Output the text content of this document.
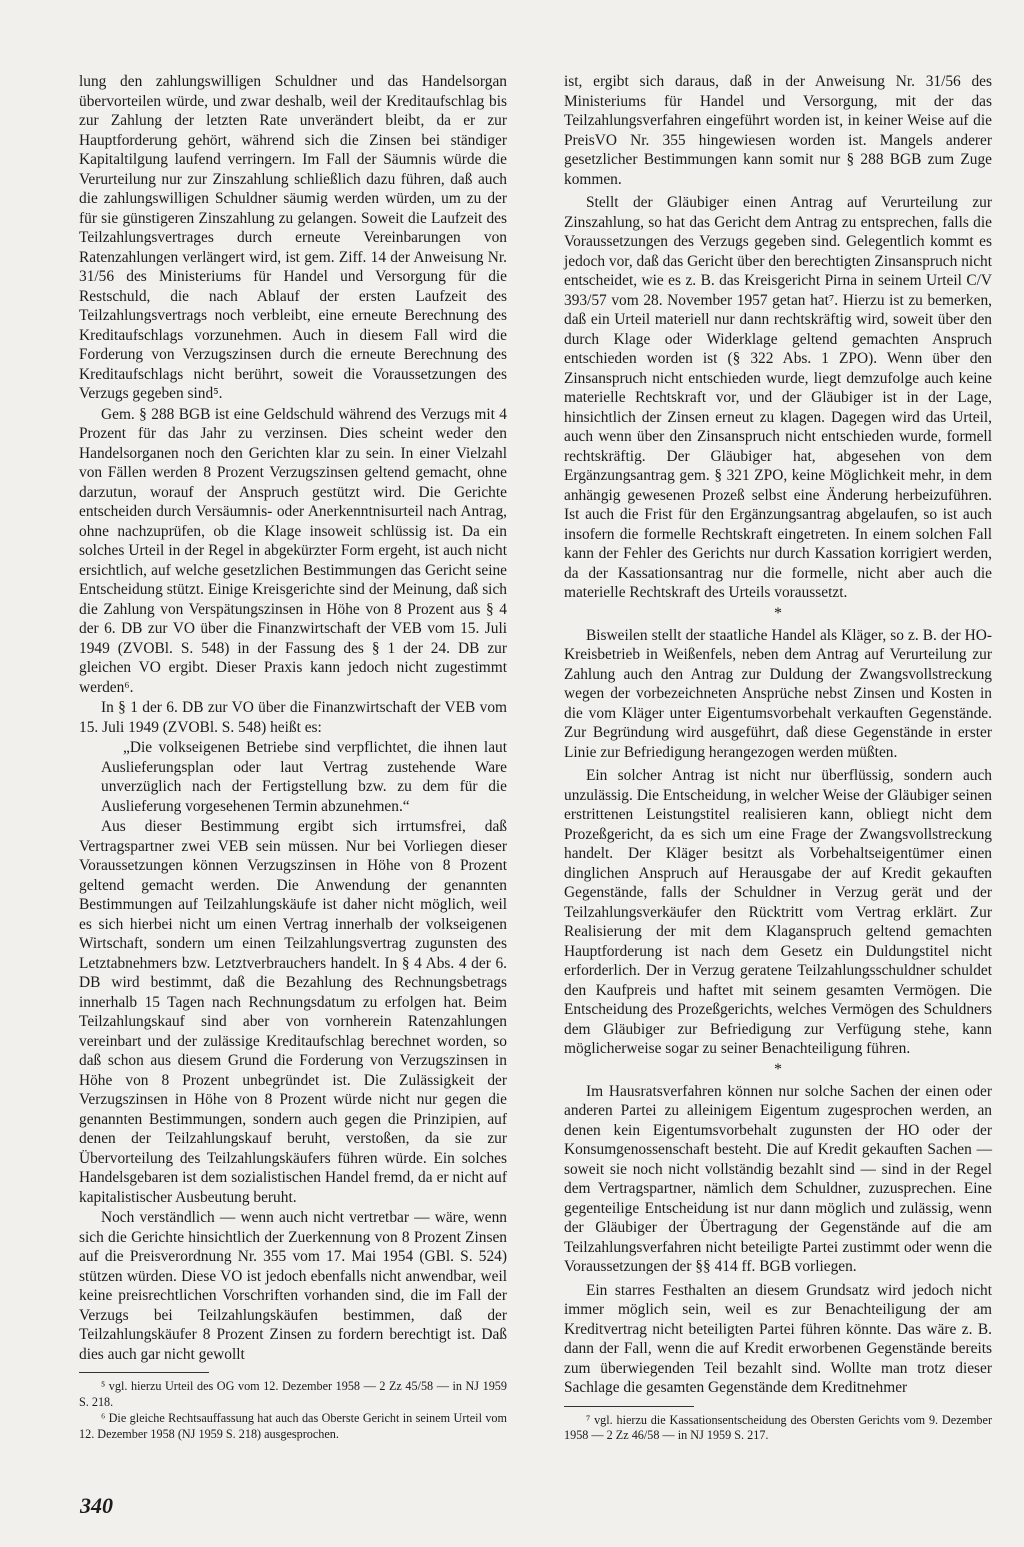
lung den zahlungswilligen Schuldner und das Handelsorgan übervorteilen würde, und zwar deshalb, weil der Kreditaufschlag bis zur Zahlung der letzten Rate unverändert bleibt, da er zur Hauptforderung gehört, während sich die Zinsen bei ständiger Kapitaltilgung laufend verringern. Im Fall der Säumnis würde die Verurteilung nur zur Zinszahlung schließlich dazu führen, daß auch die zahlungswilligen Schuldner säumig werden würden, um zu der für sie günstigeren Zinszahlung zu gelangen. Soweit die Laufzeit des Teilzahlungsvertrages durch erneute Vereinbarungen von Ratenzahlungen verlängert wird, ist gem. Ziff. 14 der Anweisung Nr. 31/56 des Ministeriums für Handel und Versorgung für die Restschuld, die nach Ablauf der ersten Laufzeit des Teilzahlungsvertrags noch verbleibt, eine erneute Berechnung des Kreditaufschlags vorzunehmen. Auch in diesem Fall wird die Forderung von Verzugszinsen durch die erneute Berechnung des Kreditaufschlags nicht berührt, soweit die Voraussetzungen des Verzugs gegeben sind⁵.

Gem. § 288 BGB ist eine Geldschuld während des Verzugs mit 4 Prozent für das Jahr zu verzinsen. Dies scheint weder den Handelsorganen noch den Gerichten klar zu sein. In einer Vielzahl von Fällen werden 8 Prozent Verzugszinsen geltend gemacht, ohne darzutun, worauf der Anspruch gestützt wird. Die Gerichte entscheiden durch Versäumnis- oder Anerkenntnisurteil nach Antrag, ohne nachzuprüfen, ob die Klage insoweit schlüssig ist. Da ein solches Urteil in der Regel in abgekürzter Form ergeht, ist auch nicht ersichtlich, auf welche gesetzlichen Bestimmungen das Gericht seine Entscheidung stützt. Einige Kreisgerichte sind der Meinung, daß sich die Zahlung von Verspätungszinsen in Höhe von 8 Prozent aus § 4 der 6. DB zur VO über die Finanzwirtschaft der VEB vom 15. Juli 1949 (ZVOBl. S. 548) in der Fassung des § 1 der 24. DB zur gleichen VO ergibt. Dieser Praxis kann jedoch nicht zugestimmt werden⁶.

In § 1 der 6. DB zur VO über die Finanzwirtschaft der VEB vom 15. Juli 1949 (ZVOBl. S. 548) heißt es:

„Die volkseigenen Betriebe sind verpflichtet, die ihnen laut Auslieferungsplan oder laut Vertrag zustehende Ware unverzüglich nach der Fertigstellung bzw. zu dem für die Auslieferung vorgesehenen Termin abzunehmen.“

Aus dieser Bestimmung ergibt sich irrtumsfrei, daß Vertragspartner zwei VEB sein müssen. Nur bei Vorliegen dieser Voraussetzungen können Verzugszinsen in Höhe von 8 Prozent geltend gemacht werden. Die Anwendung der genannten Bestimmungen auf Teilzahlungskäufe ist daher nicht möglich, weil es sich hierbei nicht um einen Vertrag innerhalb der volkseigenen Wirtschaft, sondern um einen Teilzahlungsvertrag zugunsten des Letztabnehmers bzw. Letztverbrauchers handelt. In § 4 Abs. 4 der 6. DB wird bestimmt, daß die Bezahlung des Rechnungsbetrags innerhalb 15 Tagen nach Rechnungsdatum zu erfolgen hat. Beim Teilzahlungskauf sind aber von vornherein Ratenzahlungen vereinbart und der zulässige Kreditaufschlag berechnet worden, so daß schon aus diesem Grund die Forderung von Verzugszinsen in Höhe von 8 Prozent unbegründet ist. Die Zulässigkeit der Verzugszinsen in Höhe von 8 Prozent würde nicht nur gegen die genannten Bestimmungen, sondern auch gegen die Prinzipien, auf denen der Teilzahlungskauf beruht, verstoßen, da sie zur Übervorteilung des Teilzahlungskäufers führen würde. Ein solches Handelsgebaren ist dem sozialistischen Handel fremd, da er nicht auf kapitalistischer Ausbeutung beruht.

Noch verständlich — wenn auch nicht vertretbar — wäre, wenn sich die Gerichte hinsichtlich der Zuerkennung von 8 Prozent Zinsen auf die Preisverordnung Nr. 355 vom 17. Mai 1954 (GBl. S. 524) stützen würden. Diese VO ist jedoch ebenfalls nicht anwendbar, weil keine preisrechtlichen Vorschriften vorhanden sind, die im Fall der Verzugs bei Teilzahlungskäufen bestimmen, daß der Teilzahlungskäufer 8 Prozent Zinsen zu fordern berechtigt ist. Daß dies auch gar nicht gewollt

⁵ vgl. hierzu Urteil des OG vom 12. Dezember 1958 — 2 Zz 45/58 — in NJ 1959 S. 218.

⁶ Die gleiche Rechtsauffassung hat auch das Oberste Gericht in seinem Urteil vom 12. Dezember 1958 (NJ 1959 S. 218) ausgesprochen.

ist, ergibt sich daraus, daß in der Anweisung Nr. 31/56 des Ministeriums für Handel und Versorgung, mit der das Teilzahlungsverfahren eingeführt worden ist, in keiner Weise auf die PreisVO Nr. 355 hingewiesen worden ist. Mangels anderer gesetzlicher Bestimmungen kann somit nur § 288 BGB zum Zuge kommen.

Stellt der Gläubiger einen Antrag auf Verurteilung zur Zinszahlung, so hat das Gericht dem Antrag zu entsprechen, falls die Voraussetzungen des Verzugs gegeben sind. Gelegentlich kommt es jedoch vor, daß das Gericht über den berechtigten Zinsanspruch nicht entscheidet, wie es z. B. das Kreisgericht Pirna in seinem Urteil C/V 393/57 vom 28. November 1957 getan hat⁷. Hierzu ist zu bemerken, daß ein Urteil materiell nur dann rechtskräftig wird, soweit über den durch Klage oder Widerklage geltend gemachten Anspruch entschieden worden ist (§ 322 Abs. 1 ZPO). Wenn über den Zinsanspruch nicht entschieden wurde, liegt demzufolge auch keine materielle Rechtskraft vor, und der Gläubiger ist in der Lage, hinsichtlich der Zinsen erneut zu klagen. Dagegen wird das Urteil, auch wenn über den Zinsanspruch nicht entschieden wurde, formell rechtskräftig. Der Gläubiger hat, abgesehen von dem Ergänzungsantrag gem. § 321 ZPO, keine Möglichkeit mehr, in dem anhängig gewesenen Prozeß selbst eine Änderung herbeizuführen. Ist auch die Frist für den Ergänzungsantrag abgelaufen, so ist auch insofern die formelle Rechtskraft eingetreten. In einem solchen Fall kann der Fehler des Gerichts nur durch Kassation korrigiert werden, da der Kassationsantrag nur die formelle, nicht aber auch die materielle Rechtskraft des Urteils voraussetzt.

*

Bisweilen stellt der staatliche Handel als Kläger, so z. B. der HO-Kreisbetrieb in Weißenfels, neben dem Antrag auf Verurteilung zur Zahlung auch den Antrag zur Duldung der Zwangsvollstreckung wegen der vorbezeichneten Ansprüche nebst Zinsen und Kosten in die vom Kläger unter Eigentumsvorbehalt verkauften Gegenstände. Zur Begründung wird ausgeführt, daß diese Gegenstände in erster Linie zur Befriedigung herangezogen werden müßten.

Ein solcher Antrag ist nicht nur überflüssig, sondern auch unzulässig. Die Entscheidung, in welcher Weise der Gläubiger seinen erstrittenen Leistungstitel realisieren kann, obliegt nicht dem Prozeßgericht, da es sich um eine Frage der Zwangsvollstreckung handelt. Der Kläger besitzt als Vorbehaltseigentümer einen dinglichen Anspruch auf Herausgabe der auf Kredit gekauften Gegenstände, falls der Schuldner in Verzug gerät und der Teilzahlungsverkäufer den Rücktritt vom Vertrag erklärt. Zur Realisierung der mit dem Klaganspruch geltend gemachten Hauptforderung ist nach dem Gesetz ein Duldungstitel nicht erforderlich. Der in Verzug geratene Teilzahlungsschuldner schuldet den Kaufpreis und haftet mit seinem gesamten Vermögen. Die Entscheidung des Prozeßgerichts, welches Vermögen des Schuldners dem Gläubiger zur Befriedigung zur Verfügung stehe, kann möglicherweise sogar zu seiner Benachteiligung führen.

*

Im Hausratsverfahren können nur solche Sachen der einen oder anderen Partei zu alleinigem Eigentum zugesprochen werden, an denen kein Eigentumsvorbehalt zugunsten der HO oder der Konsumgenossenschaft besteht. Die auf Kredit gekauften Sachen — soweit sie noch nicht vollständig bezahlt sind — sind in der Regel dem Vertragspartner, nämlich dem Schuldner, zuzusprechen. Eine gegenteilige Entscheidung ist nur dann möglich und zulässig, wenn der Gläubiger der Übertragung der Gegenstände auf die am Teilzahlungsverfahren nicht beteiligte Partei zustimmt oder wenn die Voraussetzungen der §§ 414 ff. BGB vorliegen.

Ein starres Festhalten an diesem Grundsatz wird jedoch nicht immer möglich sein, weil es zur Benachteiligung der am Kreditvertrag nicht beteiligten Partei führen könnte. Das wäre z. B. dann der Fall, wenn die auf Kredit erworbenen Gegenstände bereits zum überwiegenden Teil bezahlt sind. Wollte man trotz dieser Sachlage die gesamten Gegenstände dem Kreditnehmer

⁷ vgl. hierzu die Kassationsentscheidung des Obersten Gerichts vom 9. Dezember 1958 — 2 Zz 46/58 — in NJ 1959 S. 217.

340
